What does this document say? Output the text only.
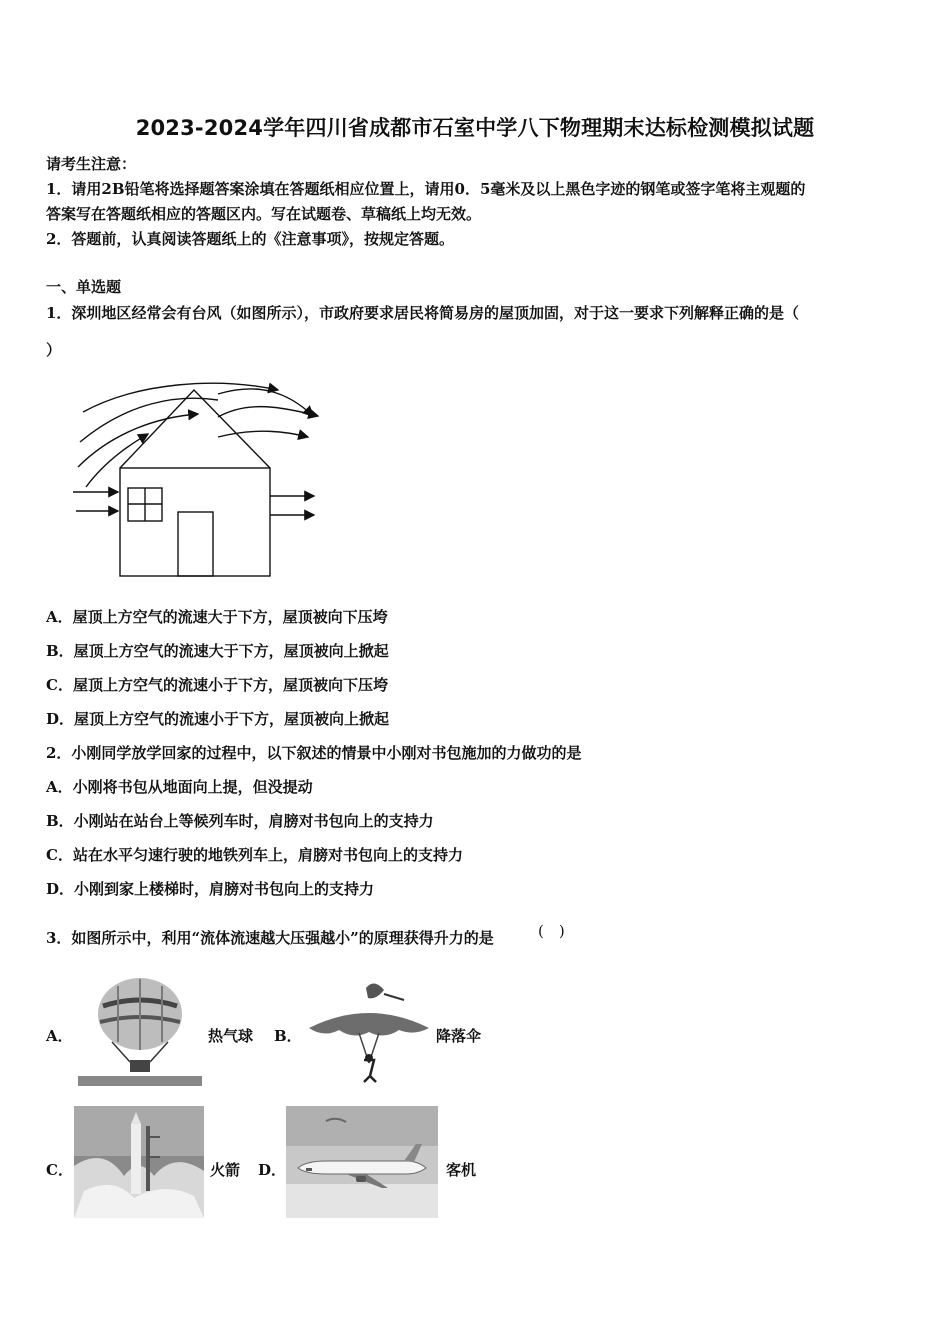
2023-2024学年四川省成都市石室中学八下物理期末达标检测模拟试题
请考生注意：
1．请用2B铅笔将选择题答案涂填在答题纸相应位置上，请用0．5毫米及以上黑色字迹的钢笔或签字笔将主观题的
答案写在答题纸相应的答题区内。写在试题卷、草稿纸上均无效。
2．答题前，认真阅读答题纸上的《注意事项》，按规定答题。
一、单选题
1．深圳地区经常会有台风（如图所示），市政府要求居民将简易房的屋顶加固，对于这一要求下列解释正确的是（
）
A．屋顶上方空气的流速大于下方，屋顶被向下压垮
B．屋顶上方空气的流速大于下方，屋顶被向上掀起
C．屋顶上方空气的流速小于下方，屋顶被向下压垮
D．屋顶上方空气的流速小于下方，屋顶被向上掀起
2．小刚同学放学回家的过程中，以下叙述的情景中小刚对书包施加的力做功的是
A．小刚将书包从地面向上提，但没提动
B．小刚站在站台上等候列车时，肩膀对书包向上的支持力
C．站在水平匀速行驶的地铁列车上，肩膀对书包向上的支持力
D．小刚到家上楼梯时，肩膀对书包向上的支持力
3．如图所示中，利用“流体流速越大压强越小”的原理获得升力的是	(　)
A．	热气球 B．	降落伞
C．	火箭 D．	客机
